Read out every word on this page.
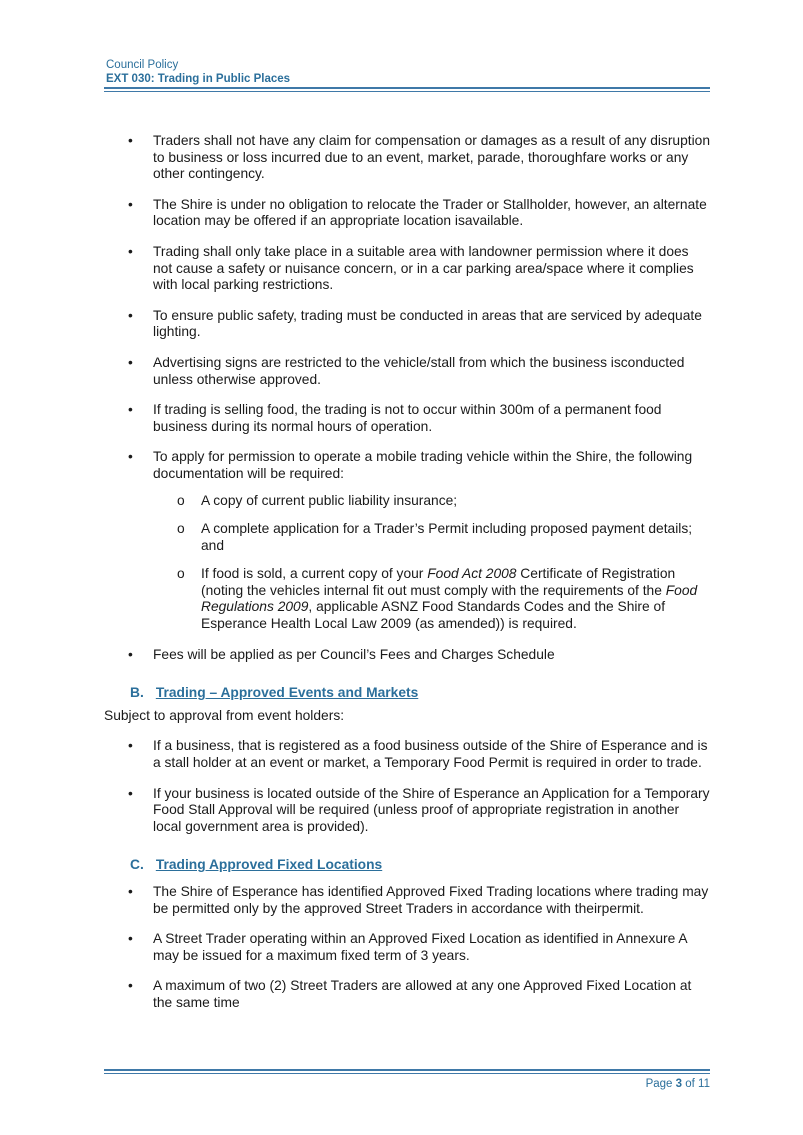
Council Policy
EXT 030: Trading in Public Places
• Traders shall not have any claim for compensation or damages as a result of any disruption to business or loss incurred due to an event, market, parade, thoroughfare works or any other contingency.
• The Shire is under no obligation to relocate the Trader or Stallholder, however, an alternate location may be offered if an appropriate location isavailable.
• Trading shall only take place in a suitable area with landowner permission where it does not cause a safety or nuisance concern, or in a car parking area/space where it complies with local parking restrictions.
• To ensure public safety, trading must be conducted in areas that are serviced by adequate lighting.
• Advertising signs are restricted to the vehicle/stall from which the business isconducted unless otherwise approved.
• If trading is selling food, the trading is not to occur within 300m of a permanent food business during its normal hours of operation.
• To apply for permission to operate a mobile trading vehicle within the Shire, the following documentation will be required:
o A copy of current public liability insurance;
o A complete application for a Trader’s Permit including proposed payment details; and
o If food is sold, a current copy of your Food Act 2008 Certificate of Registration (noting the vehicles internal fit out must comply with the requirements of the Food Regulations 2009, applicable ASNZ Food Standards Codes and the Shire of Esperance Health Local Law 2009 (as amended)) is required.
• Fees will be applied as per Council’s Fees and Charges Schedule
B. Trading – Approved Events and Markets
Subject to approval from event holders:
• If a business, that is registered as a food business outside of the Shire of Esperance and is a stall holder at an event or market, a Temporary Food Permit is required in order to trade.
• If your business is located outside of the Shire of Esperance an Application for a Temporary Food Stall Approval will be required (unless proof of appropriate registration in another local government area is provided).
C. Trading Approved Fixed Locations
• The Shire of Esperance has identified Approved Fixed Trading locations where trading may be permitted only by the approved Street Traders in accordance with theirpermit.
• A Street Trader operating within an Approved Fixed Location as identified in Annexure A may be issued for a maximum fixed term of 3 years.
• A maximum of two (2) Street Traders are allowed at any one Approved Fixed Location at the same time
Page 3 of 11
